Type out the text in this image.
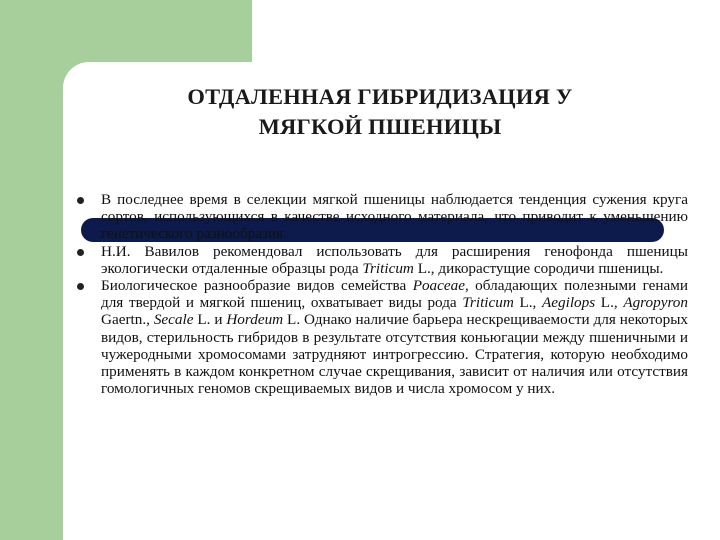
ОТДАЛЕННАЯ ГИБРИДИЗАЦИЯ У
МЯГКОЙ ПШЕНИЦЫ
В последнее время в селекции мягкой пшеницы наблюдается тенденция сужения круга сортов, использующихся в качестве исходного материала, что приводит к уменьшению генетического разнообразия.
Н.И. Вавилов рекомендовал использовать для расширения генофонда пшеницы экологически отдаленные образцы рода Triticum L., дикорастущие сородичи пшеницы.
Биологическое разнообразие видов семейства Poaceae, обладающих полезными генами для твердой и мягкой пшениц, охватывает виды рода Triticum L., Aegilops L., Agropyron Gaertn., Secale L. и Hordeum L. Однако наличие барьера нескрещиваемости для некоторых видов, стерильность гибридов в результате отсутствия коньюгации между пшеничными и чужеродными хромосомами затрудняют интрогрессию. Стратегия, которую необходимо применять в каждом конкретном случае скрещивания, зависит от наличия или отсутствия гомологичных геномов скрещиваемых видов и числа хромосом у них.
